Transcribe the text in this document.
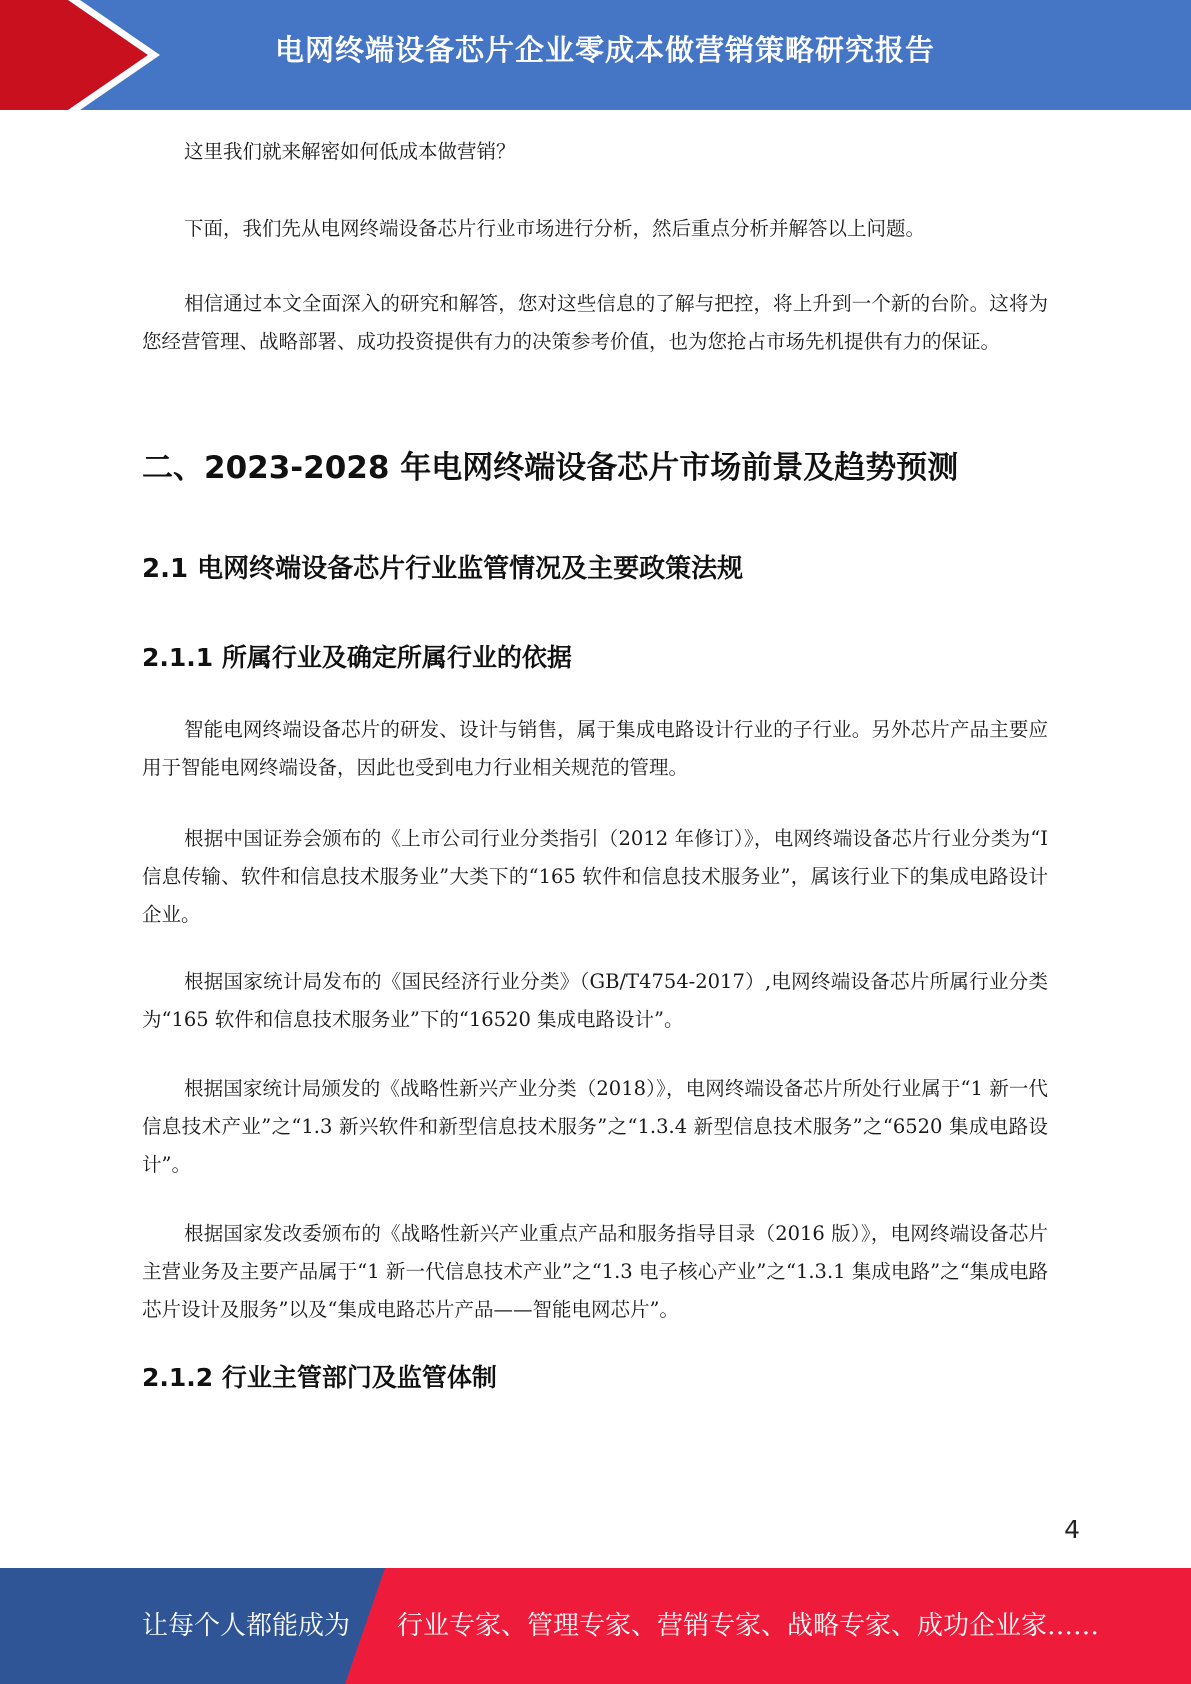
电网终端设备芯片企业零成本做营销策略研究报告

这里我们就来解密如何低成本做营销？

下面，我们先从电网终端设备芯片行业市场进行分析，然后重点分析并解答以上问题。

相信通过本文全面深入的研究和解答，您对这些信息的了解与把控，将上升到一个新的台阶。这将为您经营管理、战略部署、成功投资提供有力的决策参考价值，也为您抢占市场先机提供有力的保证。

二、2023-2028 年电网终端设备芯片市场前景及趋势预测
2.1 电网终端设备芯片行业监管情况及主要政策法规
2.1.1 所属行业及确定所属行业的依据

智能电网终端设备芯片的研发、设计与销售，属于集成电路设计行业的子行业。另外芯片产品主要应用于智能电网终端设备，因此也受到电力行业相关规范的管理。

根据中国证券会颁布的《上市公司行业分类指引（2012 年修订）》，电网终端设备芯片行业分类为“I 信息传输、软件和信息技术服务业”大类下的“165 软件和信息技术服务业”，属该行业下的集成电路设计企业。

根据国家统计局发布的《国民经济行业分类》（GB/T4754-2017）,电网终端设备芯片所属行业分类为“165 软件和信息技术服务业”下的“16520 集成电路设计”。

根据国家统计局颁发的《战略性新兴产业分类（2018）》，电网终端设备芯片所处行业属于“1 新一代信息技术产业”之“1.3 新兴软件和新型信息技术服务”之“1.3.4 新型信息技术服务”之“6520 集成电路设计”。

根据国家发改委颁布的《战略性新兴产业重点产品和服务指导目录（2016 版）》，电网终端设备芯片主营业务及主要产品属于“1 新一代信息技术产业”之“1.3 电子核心产业”之“1.3.1 集成电路”之“集成电路芯片设计及服务”以及“集成电路芯片产品——智能电网芯片”。

2.1.2 行业主管部门及监管体制
4
让每个人都能成为 行业专家、管理专家、营销专家、战略专家、成功企业家……
